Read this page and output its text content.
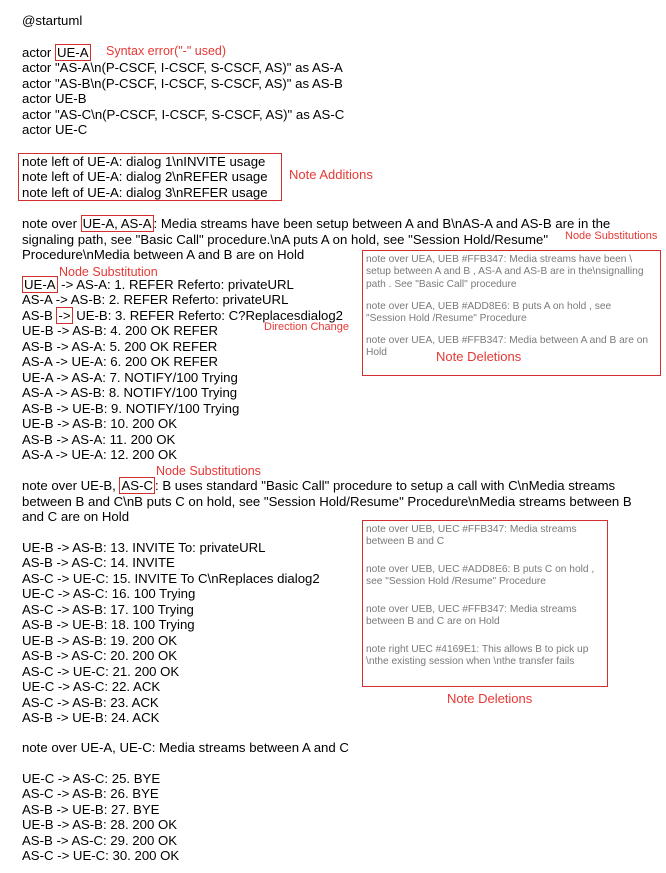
@startuml

actor UE-A

actor "AS-A\n(P-CSCF, I-CSCF, S-CSCF, AS)" as AS-A

actor "AS-B\n(P-CSCF, I-CSCF, S-CSCF, AS)" as AS-B

actor UE-B

actor "AS-C\n(P-CSCF, I-CSCF, S-CSCF, AS)" as AS-C

actor UE-C

note left of UE-A: dialog 1\nINVITE usage

note left of UE-A: dialog 2\nREFER usage

note left of UE-A: dialog 3\nREFER usage

note over UE-A, AS-A : Media streams have been setup between A and B\nAS-A and AS-B are in the signaling path, see "Basic Call" procedure.\nA puts A on hold, see "Session Hold/Resume" Procedure\nMedia between A and B are on Hold

UE-A -> AS-A: 1. REFER Referto: privateURL

AS-A -> AS-B: 2. REFER Referto: privateURL

AS-B -> UE-B: 3. REFER Referto: C?Replacesdialog2

UE-B -> AS-B: 4. 200 OK REFER

AS-B -> AS-A: 5. 200 OK REFER

AS-A -> UE-A: 6. 200 OK REFER

UE-A -> AS-A: 7. NOTIFY/100 Trying

AS-A -> AS-B: 8. NOTIFY/100 Trying

AS-B -> UE-B: 9. NOTIFY/100 Trying

UE-B -> AS-B: 10. 200 OK

AS-B -> AS-A: 11. 200 OK

AS-A -> UE-A: 12. 200 OK

note over UE-B, AS-C : B uses standard "Basic Call" procedure to setup a call with C\nMedia streams between B and C\nB puts C on hold, see "Session Hold/Resume" Procedure\nMedia streams between B and C are on Hold

UE-B -> AS-B: 13. INVITE To: privateURL

AS-B -> AS-C: 14. INVITE

AS-C -> UE-C: 15. INVITE To C\nReplaces dialog2

UE-C -> AS-C: 16. 100 Trying

AS-C -> AS-B: 17. 100 Trying

AS-B -> UE-B: 18. 100 Trying

UE-B -> AS-B: 19. 200 OK

AS-B -> AS-C: 20. 200 OK

AS-C -> UE-C: 21. 200 OK

UE-C -> AS-C: 22. ACK

AS-C -> AS-B: 23. ACK

AS-B -> UE-B: 24. ACK

note over UE-A, UE-C: Media streams between A and C

UE-C -> AS-C: 25. BYE

AS-C -> AS-B: 26. BYE

AS-B -> UE-B: 27. BYE

UE-B -> AS-B: 28. 200 OK

AS-B -> AS-C: 29. 200 OK

AS-C -> UE-C: 30. 200 OK

Syntax error("-" used)
Note Additions
Node Substitutions
Node Substitution
Direction Change
Node Substitutions
note over UEA, UEB #FFB347: Media streams have been \ setup between A and B , AS-A and AS-B are in the\nsignalling path . See "Basic Call" procedure
note over UEA, UEB #ADD8E6: B puts A on hold , see "Session Hold /Resume" Procedure
note over UEA, UEB #FFB347: Media between A and B are on Hold	Note Deletions
note over UEB, UEC #FFB347: Media streams between B and C
note over UEB, UEC #ADD8E6: B puts C on hold , see "Session Hold /Resume" Procedure
note over UEB, UEC #FFB347: Media streams between B and C are on Hold
note right UEC #4169E1: This allows B to pick up \nthe existing session when \nthe transfer fails
Note Deletions
